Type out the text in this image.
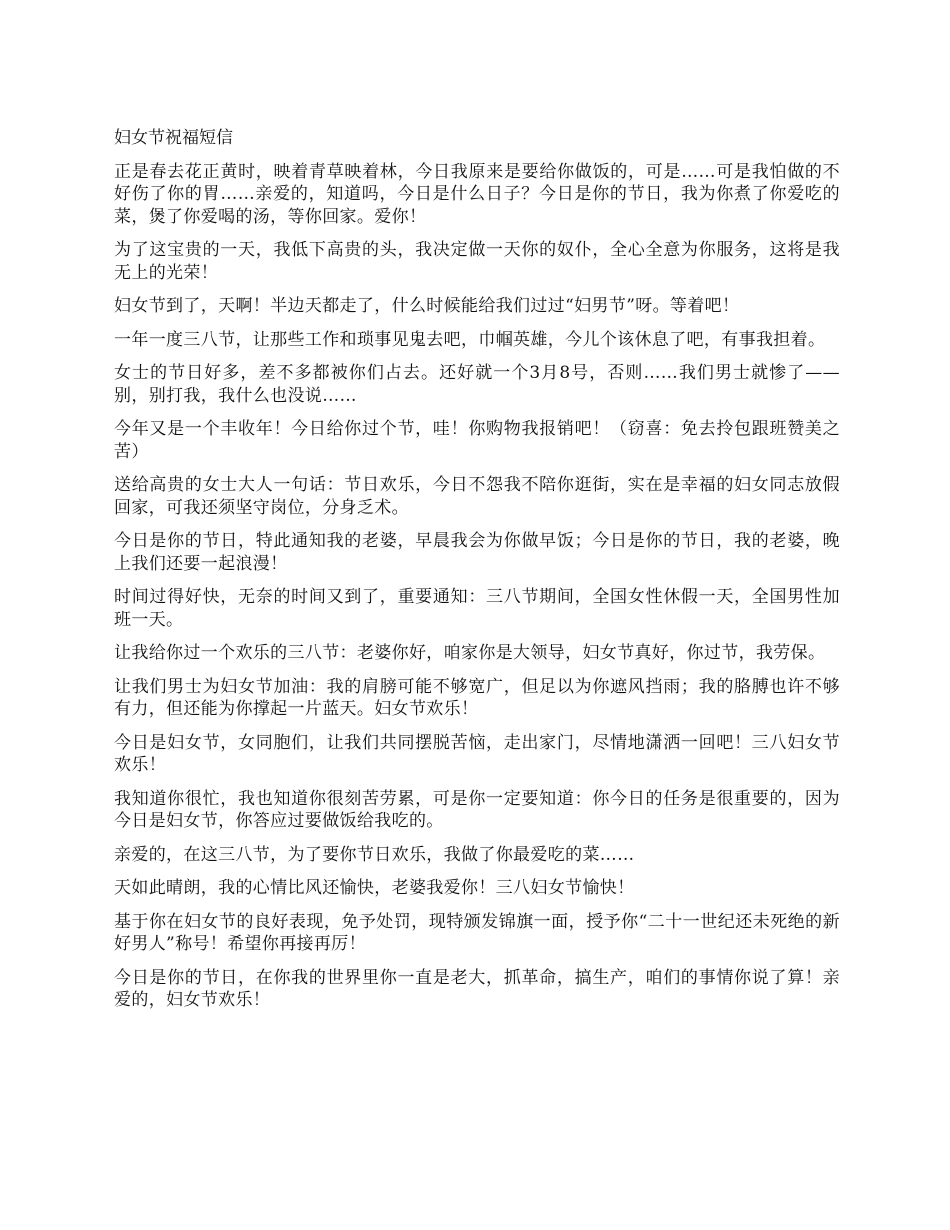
妇女节祝福短信

正是春去花正黄时，映着青草映着林，今日我原来是要给你做饭的，可是……可是我怕做的不好伤了你的胃……亲爱的，知道吗，今日是什么日子？今日是你的节日，我为你煮了你爱吃的菜，煲了你爱喝的汤，等你回家。爱你！

为了这宝贵的一天，我低下高贵的头，我决定做一天你的奴仆，全心全意为你服务，这将是我无上的光荣！

妇女节到了，天啊！半边天都走了，什么时候能给我们过过“妇男节”呀。等着吧！

一年一度三八节，让那些工作和琐事见鬼去吧，巾帼英雄，今儿个该休息了吧，有事我担着。

女士的节日好多，差不多都被你们占去。还好就一个3月8号，否则……我们男士就惨了——别，别打我，我什么也没说……

今年又是一个丰收年！今日给你过个节，哇！你购物我报销吧！（窃喜：免去拎包跟班赞美之苦）

送给高贵的女士大人一句话：节日欢乐，今日不怨我不陪你逛街，实在是幸福的妇女同志放假回家，可我还须坚守岗位，分身乏术。

今日是你的节日，特此通知我的老婆，早晨我会为你做早饭；今日是你的节日，我的老婆，晚上我们还要一起浪漫！

时间过得好快，无奈的时间又到了，重要通知：三八节期间，全国女性休假一天，全国男性加班一天。

让我给你过一个欢乐的三八节：老婆你好，咱家你是大领导，妇女节真好，你过节，我劳保。

让我们男士为妇女节加油：我的肩膀可能不够宽广，但足以为你遮风挡雨；我的胳膊也许不够有力，但还能为你撑起一片蓝天。妇女节欢乐！

今日是妇女节，女同胞们，让我们共同摆脱苦恼，走出家门，尽情地潇洒一回吧！三八妇女节欢乐！

我知道你很忙，我也知道你很刻苦劳累，可是你一定要知道：你今日的任务是很重要的，因为今日是妇女节，你答应过要做饭给我吃的。

亲爱的，在这三八节，为了要你节日欢乐，我做了你最爱吃的菜……

天如此晴朗，我的心情比风还愉快，老婆我爱你！三八妇女节愉快！

基于你在妇女节的良好表现，免予处罚，现特颁发锦旗一面，授予你“二十一世纪还未死绝的新好男人”称号！希望你再接再厉！

今日是你的节日，在你我的世界里你一直是老大，抓革命，搞生产，咱们的事情你说了算！亲爱的，妇女节欢乐！
